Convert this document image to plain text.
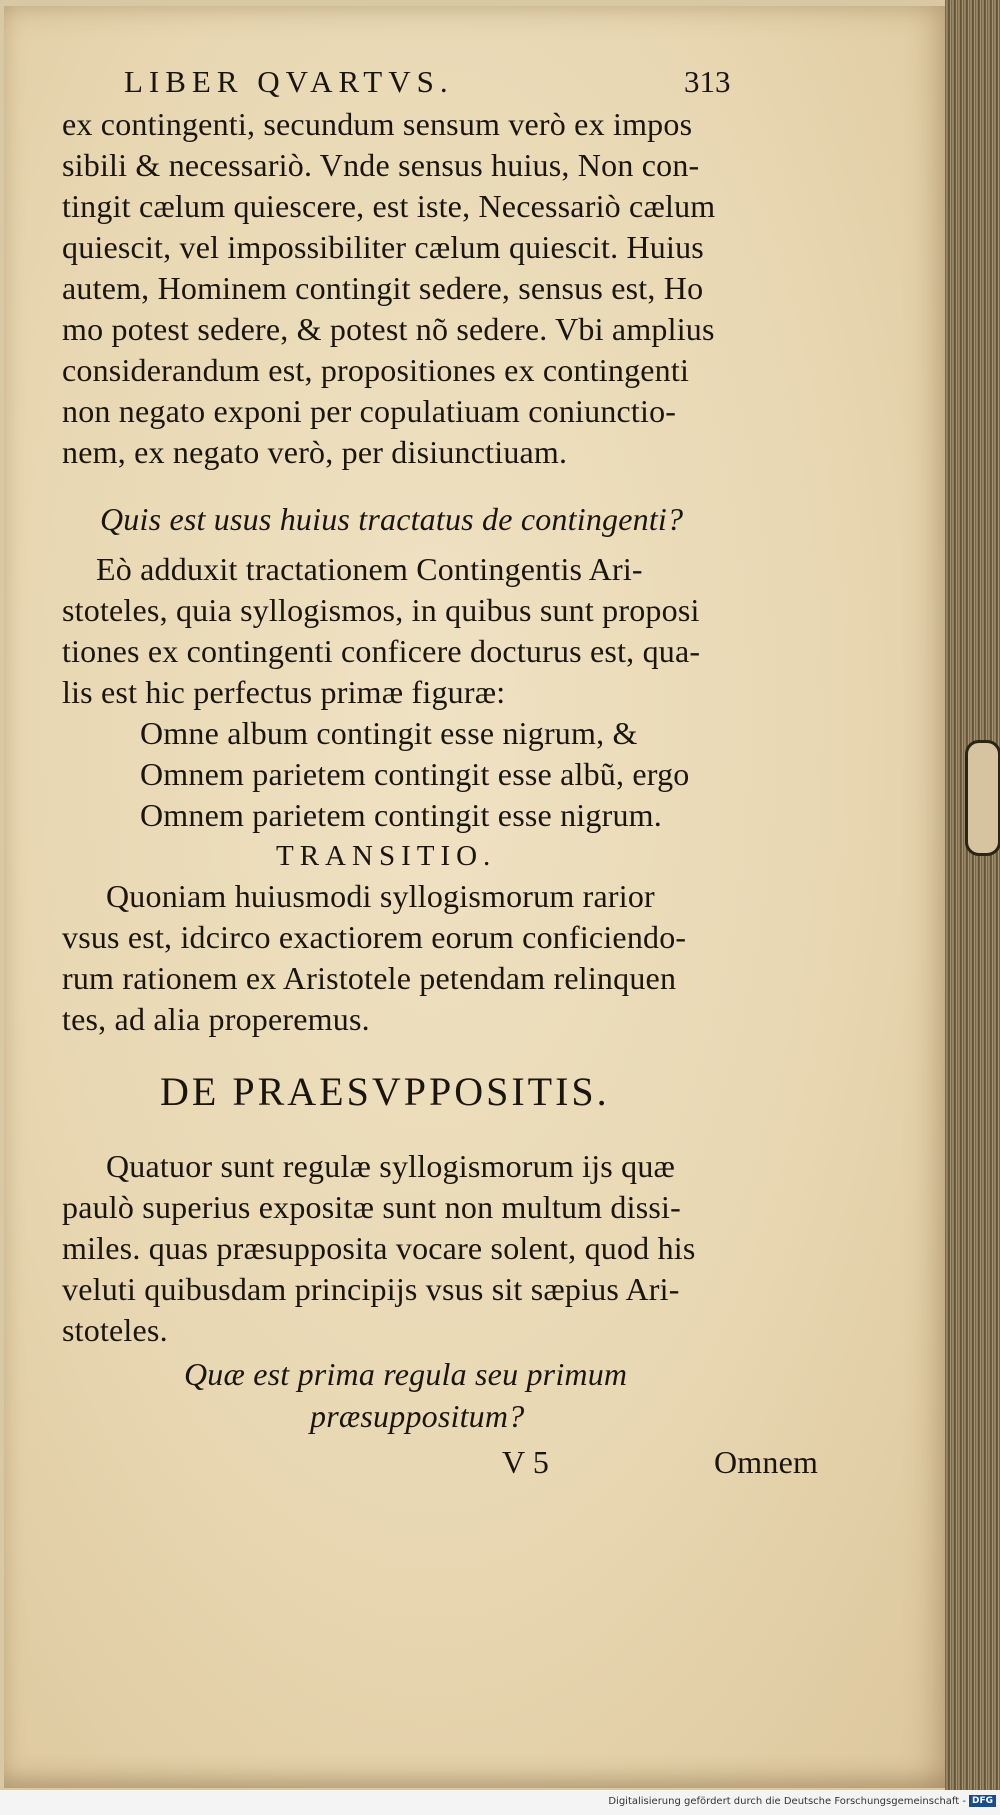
LIBER QVARTVS.	313
ex contingenti, secundum sensum verò ex impos
sibili & necessariò. Vnde sensus huius, Non con-
tingit cælum quiescere, est iste, Necessariò cælum
quiescit, vel impossibiliter cælum quiescit. Huius
autem, Hominem contingit sedere, sensus est, Ho
mo potest sedere, & potest nõ sedere. Vbi amplius
considerandum est, propositiones ex contingenti
non negato exponi per copulatiuam coniunctio-
nem, ex negato verò, per disiunctiuam.
Quis est usus huius tractatus de contingenti?
Eò adduxit tractationem Contingentis Ari-
stoteles, quia syllogismos, in quibus sunt proposi
tiones ex contingenti conficere docturus est, qua-
lis est hic perfectus primæ figuræ:
Omne album contingit esse nigrum, &
Omnem parietem contingit esse albũ, ergo
Omnem parietem contingit esse nigrum.
TRANSITIO.
Quoniam huiusmodi syllogismorum rarior
vsus est, idcirco exactiorem eorum conficiendo-
rum rationem ex Aristotele petendam relinquen
tes, ad alia properemus.
DE PRAESVPPOSITIS.
Quatuor sunt regulæ syllogismorum ijs quæ
paulò superius expositæ sunt non multum dissi-
miles. quas præsupposita vocare solent, quod his
veluti quibusdam principijs vsus sit sæpius Ari-
stoteles.
Quæ est prima regula seu primum
præsuppositum?
V 5	Omnem
Digitalisierung gefördert durch die Deutsche Forschungsgemeinschaft - DFG
